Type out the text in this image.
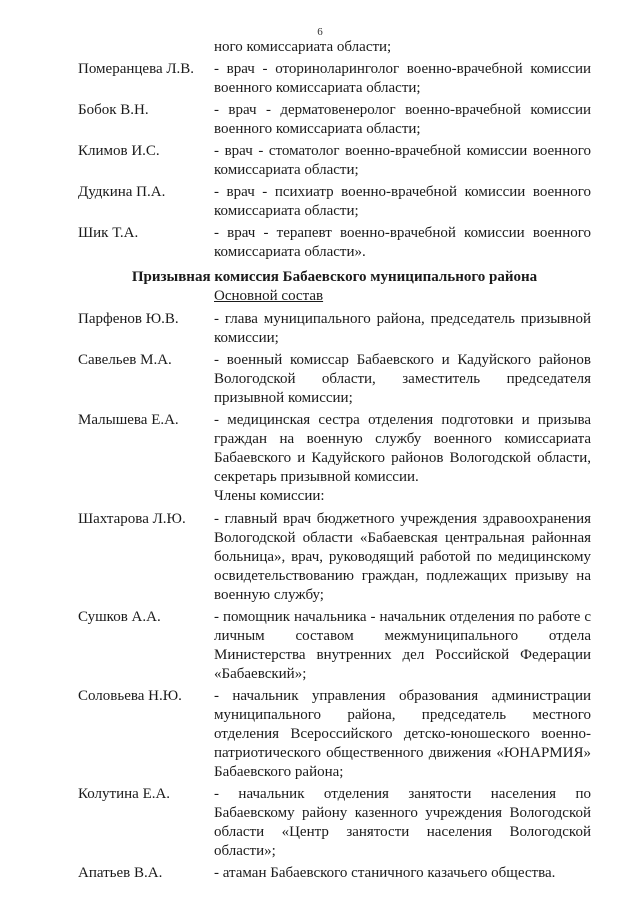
6
ного комиссариата области;
Померанцева Л.В.	- врач - оториноларинголог военно-врачебной комиссии военного комиссариата области;
Бобок В.Н.	- врач - дерматовенеролог военно-врачебной комиссии военного комиссариата области;
Климов И.С.	- врач - стоматолог военно-врачебной комиссии военного комиссариата области;
Дудкина П.А.	- врач - психиатр военно-врачебной комиссии военного комиссариата области;
Шик Т.А.	- врач - терапевт военно-врачебной комиссии военного комиссариата области».
Призывная комиссия Бабаевского муниципального района
Основной состав
Парфенов Ю.В.	- глава муниципального района, председатель призывной комиссии;
Савельев М.А.	- военный комиссар Бабаевского и Кадуйского районов Вологодской области, заместитель председателя призывной комиссии;
Малышева Е.А.	- медицинская сестра отделения подготовки и призыва граждан на военную службу военного комиссариата Бабаевского и Кадуйского районов Вологодской области, секретарь призывной комиссии.
Члены комиссии:
Шахтарова Л.Ю.	- главный врач бюджетного учреждения здравоохранения Вологодской области «Бабаевская центральная районная больница», врач, руководящий работой по медицинскому освидетельствованию граждан, подлежащих призыву на военную службу;
Сушков А.А.	- помощник начальника - начальник отделения по работе с личным составом межмуниципального отдела Министерства внутренних дел Российской Федерации «Бабаевский»;
Соловьева Н.Ю.	- начальник управления образования администрации муниципального района, председатель местного отделения Всероссийского детско-юношеского военно-патриотического общественного движения «ЮНАРМИЯ» Бабаевского района;
Колутина Е.А.	- начальник отделения занятости населения по Бабаевскому району казенного учреждения Вологодской области «Центр занятости населения Вологодской области»;
Апатьев В.А.	- атаман Бабаевского станичного казачьего общества.
